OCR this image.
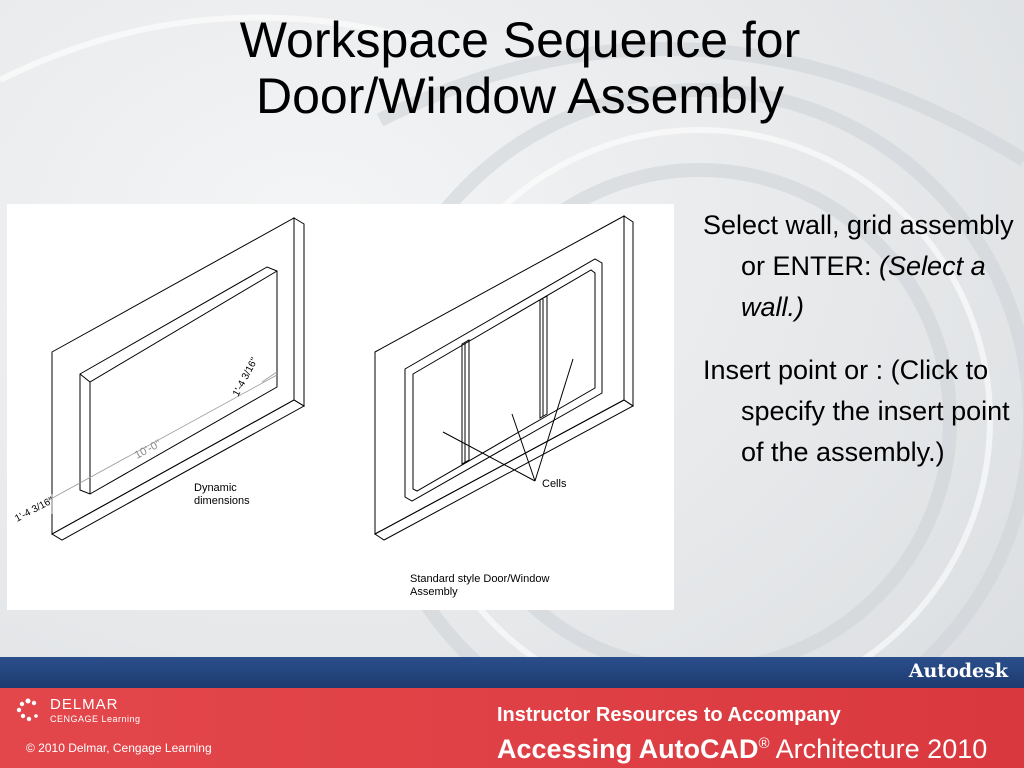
Workspace Sequence for
Door/Window Assembly
10'-0"
1'-4 3/16"
1'-4 3/16"
Dynamic
dimensions
Cells
Standard style Door/Window
Assembly
Select wall, grid assembly or ENTER: (Select a wall.)
Insert point or : (Click to specify the insert point of the assembly.)
Autodesk
DELMAR
CENGAGE Learning
© 2010 Delmar, Cengage Learning
Instructor Resources to Accompany
Accessing AutoCAD® Architecture 2010
